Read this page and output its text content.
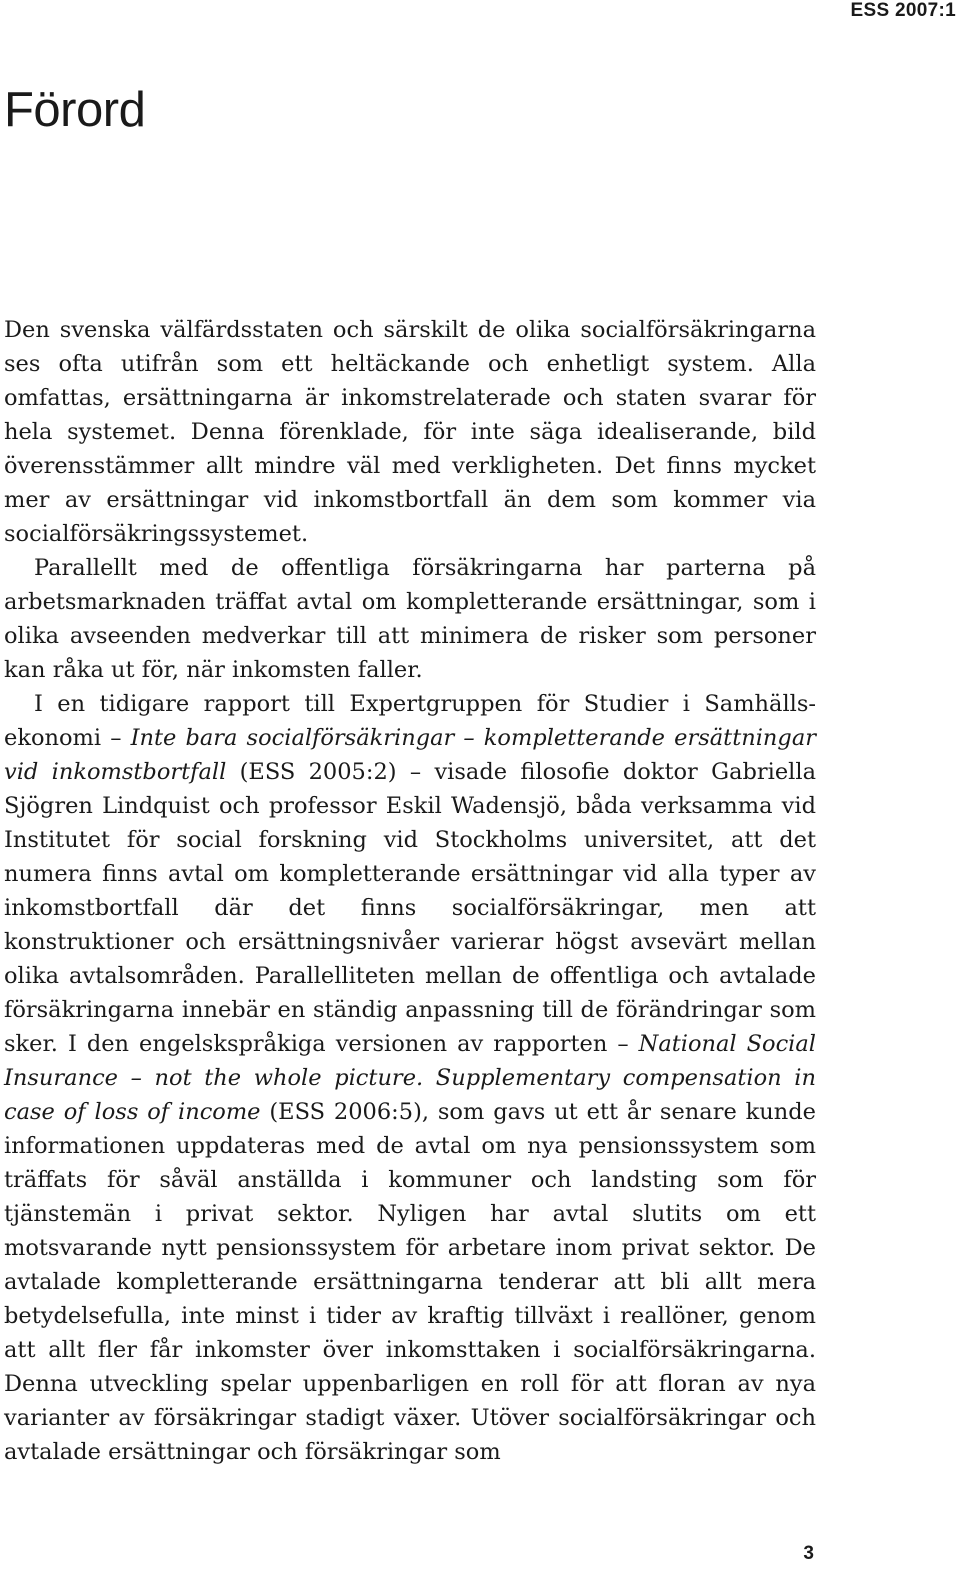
ESS 2007:1
Förord

Den svenska välfärdsstaten och särskilt de olika socialförsäkringarna ses ofta utifrån som ett heltäckande och enhetligt system. Alla omfattas, ersättningarna är inkomstrelaterade och staten svarar för hela systemet. Denna förenklade, för inte säga idealiserande, bild överensstämmer allt mindre väl med verkligheten. Det finns mycket mer av ersättningar vid inkomstbortfall än dem som kommer via socialförsäkringssystemet.

Parallellt med de offentliga försäkringarna har parterna på arbetsmarknaden träffat avtal om kompletterande ersättningar, som i olika avseenden medverkar till att minimera de risker som personer kan råka ut för, när inkomsten faller.

I en tidigare rapport till Expertgruppen för Studier i Samhällsekonomi – Inte bara socialförsäkringar – kompletterande ersättningar vid inkomstbortfall (ESS 2005:2) – visade filosofie doktor Gabriella Sjögren Lindquist och professor Eskil Wadensjö, båda verksamma vid Institutet för social forskning vid Stockholms universitet, att det numera finns avtal om kompletterande ersättningar vid alla typer av inkomstbortfall där det finns socialförsäkringar, men att konstruktioner och ersättningsnivåer varierar högst avsevärt mellan olika avtalsområden. Parallelliteten mellan de offentliga och avtalade försäkringarna innebär en ständig anpassning till de förändringar som sker. I den engelskspråkiga versionen av rapporten – National Social Insurance – not the whole picture. Supplementary compensation in case of loss of income (ESS 2006:5), som gavs ut ett år senare kunde informationen uppdateras med de avtal om nya pensionssystem som träffats för såväl anställda i kommuner och landsting som för tjänstemän i privat sektor. Nyligen har avtal slutits om ett motsvarande nytt pensionssystem för arbetare inom privat sektor. De avtalade kompletterande ersättningarna tenderar att bli allt mera betydelsefulla, inte minst i tider av kraftig tillväxt i reallöner, genom att allt fler får inkomster över inkomsttaken i socialförsäkringarna. Denna utveckling spelar uppenbarligen en roll för att floran av nya varianter av försäkringar stadigt växer. Utöver socialförsäkringar och avtalade ersättningar och försäkringar som

3
